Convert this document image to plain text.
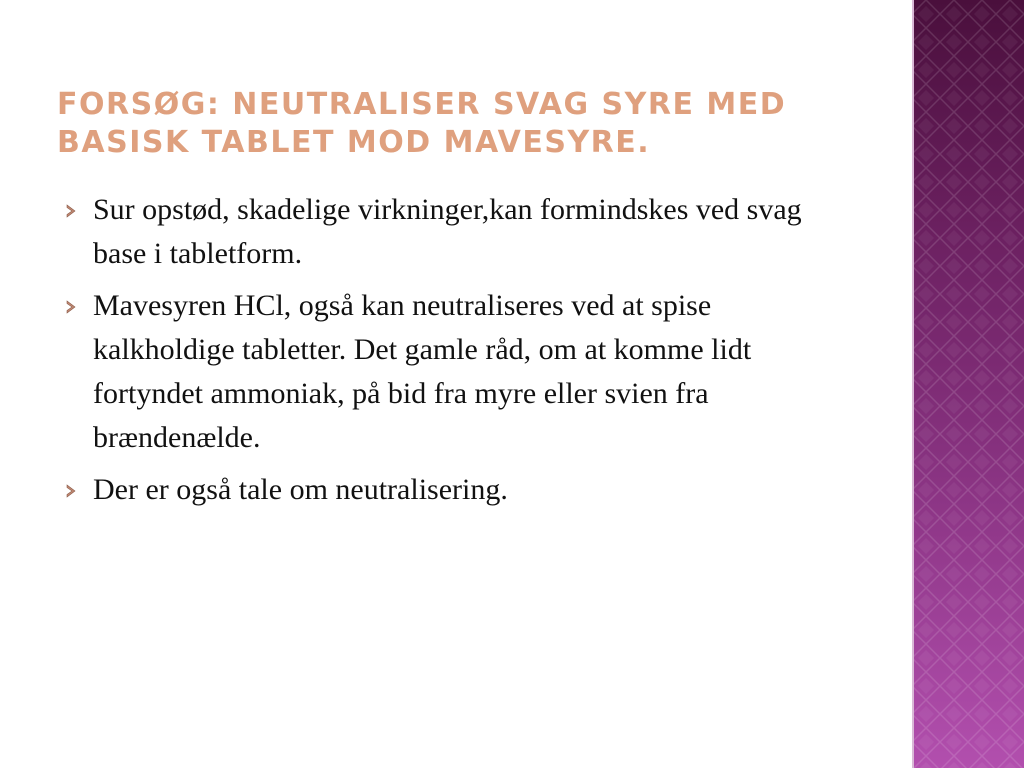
FORSØG: NEUTRALISER SVAG SYRE MED BASISK TABLET MOD MAVESYRE.
Sur opstød, skadelige virkninger,kan formindskes ved svag base i tabletform.
Mavesyren HCl, også kan neutraliseres ved at spise kalkholdige tabletter. Det gamle råd, om at komme lidt fortyndet ammoniak, på bid fra myre eller svien fra brændenælde.
Der er også tale om neutralisering.
